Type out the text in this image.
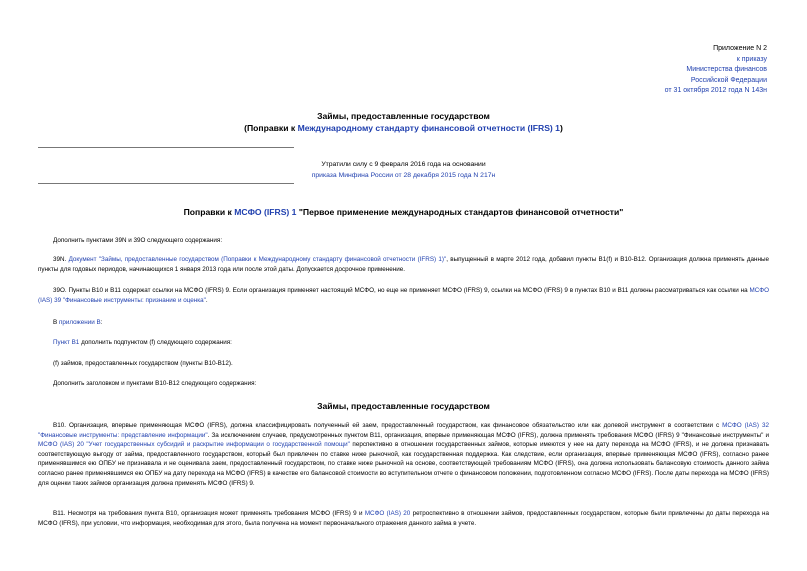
Приложение N 2
к приказу
Министерства финансов
Российской Федерации
от 31 октября 2012 года N 143н
Займы, предоставленные государством
(Поправки к Международному стандарту финансовой отчетности (IFRS) 1)
Утратили силу с 9 февраля 2016 года на основании
приказа Минфина России от 28 декабря 2015 года N 217н
Поправки к МСФО (IFRS) 1 "Первое применение международных стандартов финансовой отчетности"
Дополнить пунктами 39N и 39O следующего содержания:
39N. Документ "Займы, предоставленные государством (Поправки к Международному стандарту финансовой отчетности (IFRS) 1)", выпущенный в марте 2012 года, добавил пункты B1(f) и B10-B12. Организация должна применять данные пункты для годовых периодов, начинающихся 1 января 2013 года или после этой даты. Допускается досрочное применение.
39O. Пункты B10 и B11 содержат ссылки на МСФО (IFRS) 9. Если организация применяет настоящий МСФО, но еще не применяет МСФО (IFRS) 9, ссылки на МСФО (IFRS) 9 в пунктах B10 и B11 должны рассматриваться как ссылки на МСФО (IAS) 39 "Финансовые инструменты: признание и оценка".
В приложении B:
Пункт B1 дополнить подпунктом (f) следующего содержания:
(f) займов, предоставленных государством (пункты B10-B12).
Дополнить заголовком и пунктами B10-B12 следующего содержания:
Займы, предоставленные государством
B10. Организация, впервые применяющая МСФО (IFRS), должна классифицировать полученный ей заем, предоставленный государством, как финансовое обязательство или как долевой инструмент в соответствии с МСФО (IAS) 32 "Финансовые инструменты: представление информации". За исключением случаев, предусмотренных пунктом B11, организация, впервые применяющая МСФО (IFRS), должна применять требования МСФО (IFRS) 9 "Финансовые инструменты" и МСФО (IAS) 20 "Учет государственных субсидий и раскрытие информации о государственной помощи" перспективно в отношении государственных займов, которые имеются у нее на дату перехода на МСФО (IFRS), и не должна признавать соответствующую выгоду от займа, предоставленного государством, который был привлечен по ставке ниже рыночной, как государственная поддержка. Как следствие, если организация, впервые применяющая МСФО (IFRS), согласно ранее применявшимся ею ОПБУ не признавала и не оценивала заем, предоставленный государством, по ставке ниже рыночной на основе, соответствующей требованиям МСФО (IFRS), она должна использовать балансовую стоимость данного займа согласно ранее применявшимся ею ОПБУ на дату перехода на МСФО (IFRS) в качестве его балансовой стоимости во вступительном отчете о финансовом положении, подготовленном согласно МСФО (IFRS). После даты перехода на МСФО (IFRS) для оценки таких займов организация должна применять МСФО (IFRS) 9.
B11. Несмотря на требования пункта B10, организация может применять требования МСФО (IFRS) 9 и МСФО (IAS) 20 ретроспективно в отношении займов, предоставленных государством, которые были привлечены до даты перехода на МСФО (IFRS), при условии, что информация, необходимая для этого, была получена на момент первоначального отражения данного займа в учете.
